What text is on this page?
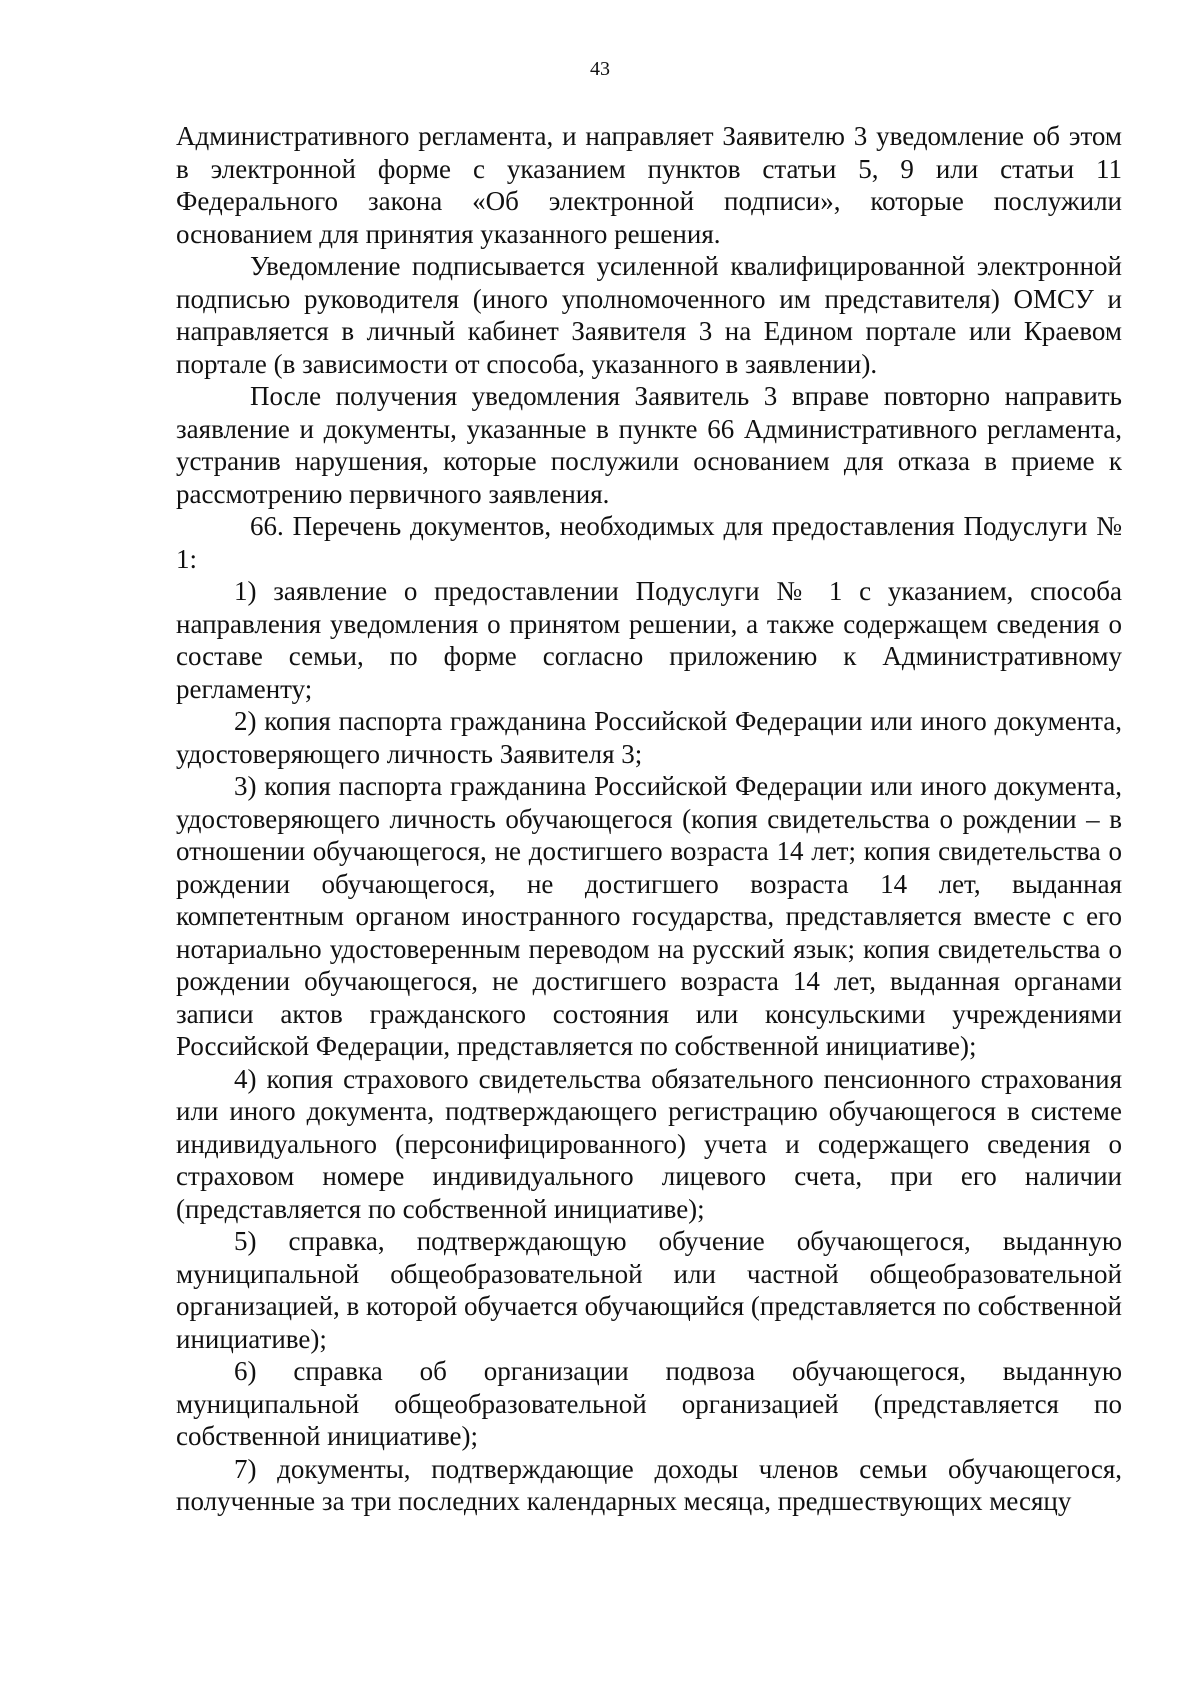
43

Административного регламента, и направляет Заявителю 3 уведомление об этом в электронной форме с указанием пунктов статьи 5, 9 или статьи 11 Федерального закона «Об электронной подписи», которые послужили основанием для принятия указанного решения.

Уведомление подписывается усиленной квалифицированной электронной подписью руководителя (иного уполномоченного им представителя) ОМСУ и направляется в личный кабинет Заявителя 3 на Едином портале или Краевом портале (в зависимости от способа, указанного в заявлении).

После получения уведомления Заявитель 3 вправе повторно направить заявление и документы, указанные в пункте 66 Административного регламента, устранив нарушения, которые послужили основанием для отказа в приеме к рассмотрению первичного заявления.

66. Перечень документов, необходимых для предоставления Подуслуги № 1:

1) заявление о предоставлении Подуслуги № 1 с указанием, способа направления уведомления о принятом решении, а также содержащем сведения о составе семьи, по форме согласно приложению к Административному регламенту;

2) копия паспорта гражданина Российской Федерации или иного документа, удостоверяющего личность Заявителя 3;

3) копия паспорта гражданина Российской Федерации или иного документа, удостоверяющего личность обучающегося (копия свидетельства о рождении – в отношении обучающегося, не достигшего возраста 14 лет; копия свидетельства о рождении обучающегося, не достигшего возраста 14 лет, выданная компетентным органом иностранного государства, представляется вместе с его нотариально удостоверенным переводом на русский язык; копия свидетельства о рождении обучающегося, не достигшего возраста 14 лет, выданная органами записи актов гражданского состояния или консульскими учреждениями Российской Федерации, представляется по собственной инициативе);

4) копия страхового свидетельства обязательного пенсионного страхования или иного документа, подтверждающего регистрацию обучающегося в системе индивидуального (персонифицированного) учета и содержащего сведения о страховом номере индивидуального лицевого счета, при его наличии (представляется по собственной инициативе);

5) справка, подтверждающую обучение обучающегося, выданную муниципальной общеобразовательной или частной общеобразовательной организацией, в которой обучается обучающийся (представляется по собственной инициативе);

6) справка об организации подвоза обучающегося, выданную муниципальной общеобразовательной организацией (представляется по собственной инициативе);

7) документы, подтверждающие доходы членов семьи обучающегося, полученные за три последних календарных месяца, предшествующих месяцу
